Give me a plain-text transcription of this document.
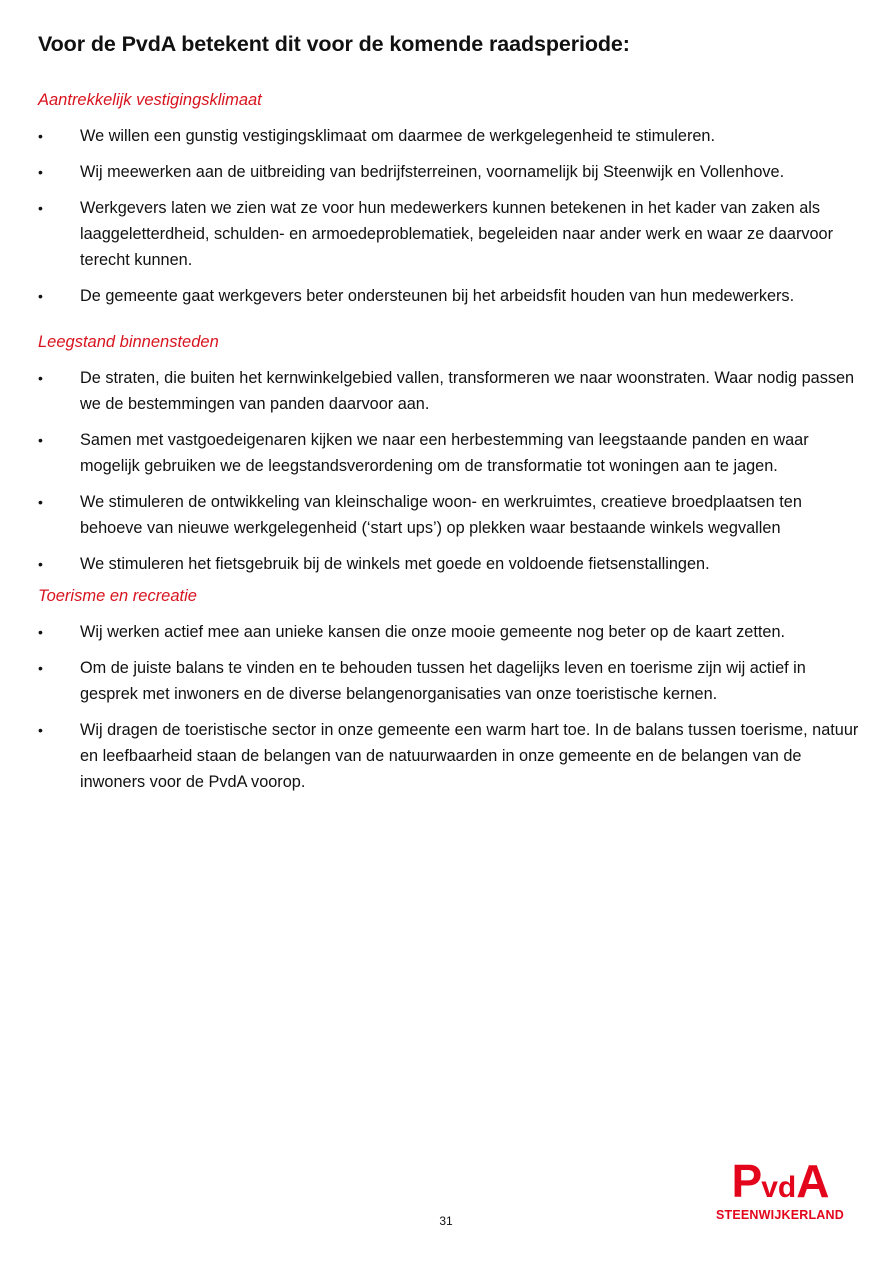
Voor de PvdA betekent dit voor de komende raadsperiode:
Aantrekkelijk vestigingsklimaat
•	We willen een gunstig vestigingsklimaat om daarmee de werkgelegenheid te stimuleren.
•	Wij meewerken aan de uitbreiding van bedrijfsterreinen, voornamelijk bij Steenwijk en Vollenhove.
•	Werkgevers laten we zien wat ze voor hun medewerkers kunnen betekenen in het kader van zaken als laaggeletterdheid, schulden- en armoedeproblematiek, begeleiden naar ander werk en waar ze daarvoor terecht kunnen.
•	De gemeente gaat werkgevers beter ondersteunen bij het arbeidsfit houden van hun medewerkers.
Leegstand binnensteden
•	De straten, die buiten het kernwinkelgebied vallen, transformeren we naar woonstraten. Waar nodig passen we de bestemmingen van panden daarvoor aan.
•	Samen met vastgoedeigenaren kijken we naar een herbestemming van leegstaande panden en waar mogelijk gebruiken we de leegstandsverordening om de transformatie tot woningen aan te jagen.
•	We stimuleren de ontwikkeling van kleinschalige woon- en werkruimtes, creatieve broedplaatsen ten behoeve van nieuwe werkgelegenheid (‘start ups’) op plekken waar bestaande winkels wegvallen
•	We stimuleren het fietsgebruik bij de winkels met goede en voldoende fietsenstallingen.
Toerisme en recreatie
•	Wij werken actief mee aan unieke kansen die onze mooie gemeente nog beter op de kaart zetten.
•	Om de juiste balans te vinden en te behouden tussen het dagelijks leven en toerisme zijn wij actief in gesprek met inwoners en de diverse belangenorganisaties van onze toeristische kernen.
•	Wij dragen de toeristische sector in onze gemeente een warm hart toe. In de balans tussen toerisme, natuur en leefbaarheid staan de belangen van de natuurwaarden in onze gemeente en de belangen van de inwoners voor de PvdA voorop.
31
PvdA
STEENWIJKERLAND
